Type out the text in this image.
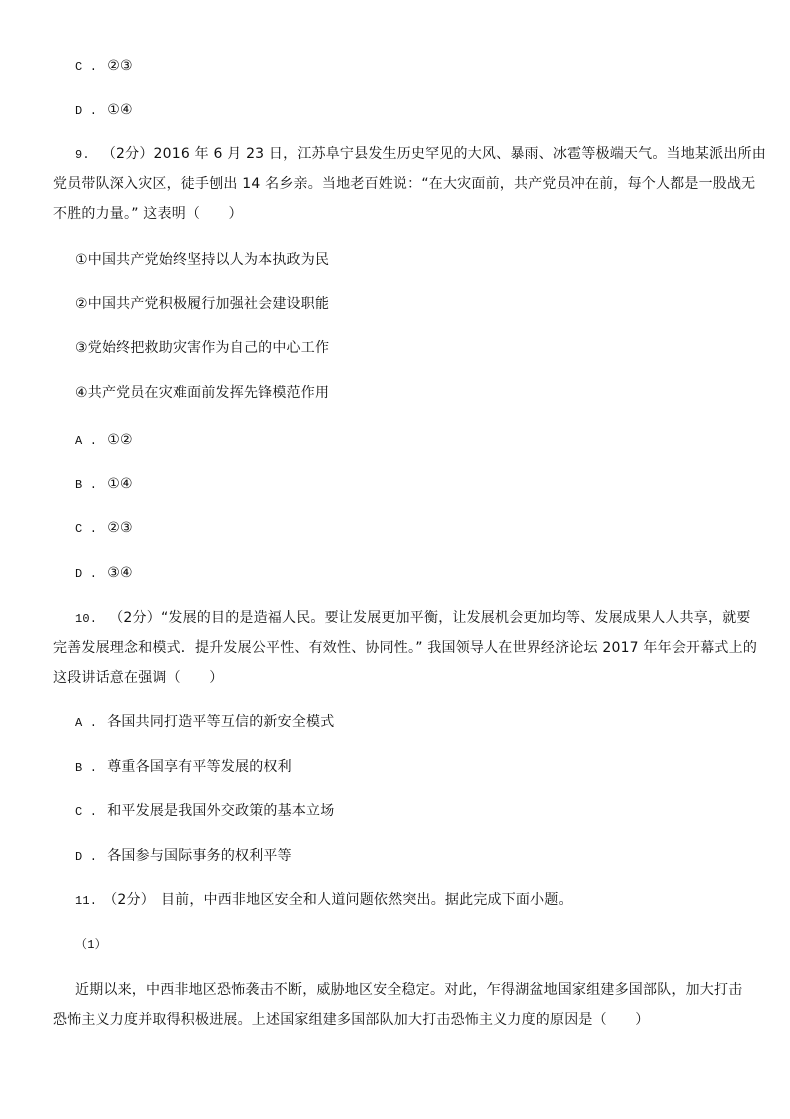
C . ②③
D . ①④
9. （2分）2016 年 6 月 23 日，江苏阜宁县发生历史罕见的大风、暴雨、冰雹等极端天气。当地某派出所由
党员带队深入灾区，徒手刨出 14 名乡亲。当地老百姓说：“在大灾面前，共产党员冲在前，每个人都是一股战无
不胜的力量。” 这表明（　　）
①中国共产党始终坚持以人为本执政为民
②中国共产党积极履行加强社会建设职能
③党始终把救助灾害作为自己的中心工作
④共产党员在灾难面前发挥先锋模范作用
A . ①②
B . ①④
C . ②③
D . ③④
10. （2分）“发展的目的是造福人民。要让发展更加平衡，让发展机会更加均等、发展成果人人共享，就要
完善发展理念和模式．提升发展公平性、有效性、协同性。” 我国领导人在世界经济论坛 2017 年年会开幕式上的
这段讲话意在强调（　　）
A . 各国共同打造平等互信的新安全模式
B . 尊重各国享有平等发展的权利
C . 和平发展是我国外交政策的基本立场
D . 各国参与国际事务的权利平等
11. （2分） 目前，中西非地区安全和人道问题依然突出。据此完成下面小题。
（1）
近期以来，中西非地区恐怖袭击不断，威胁地区安全稳定。对此，乍得湖盆地国家组建多国部队，加大打击
恐怖主义力度并取得积极进展。上述国家组建多国部队加大打击恐怖主义力度的原因是（　　）
